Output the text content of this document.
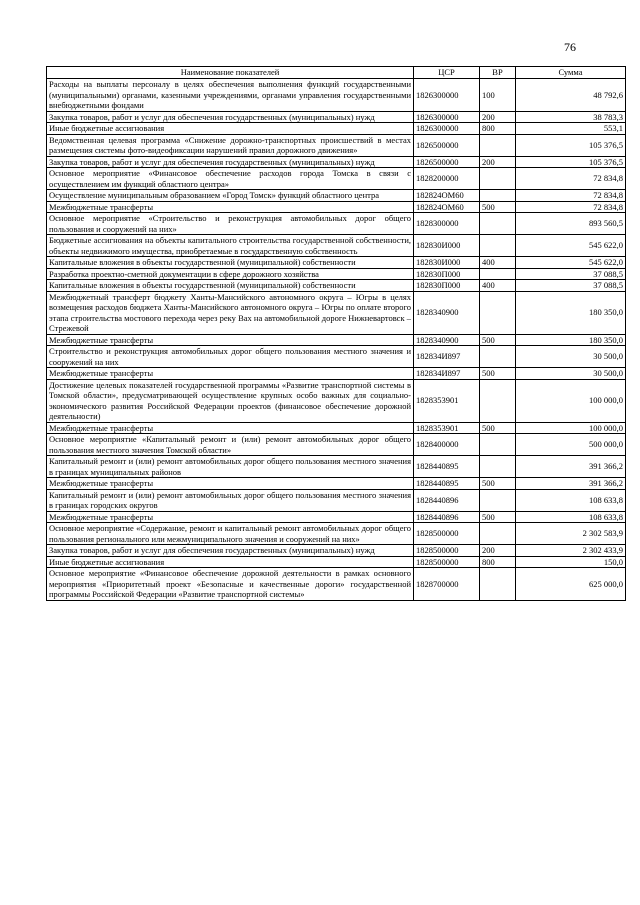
76
Наименование показателей	ЦСР	ВР	Сумма
Расходы на выплаты персоналу в целях обеспечения выполнения функций государственными (муниципальными) органами, казенными учреждениями, органами управления государственными внебюджетными фондами	1826300000	100	48 792,6
Закупка товаров, работ и услуг для обеспечения государственных (муниципальных) нужд	1826300000	200	38 783,3
Иные бюджетные ассигнования	1826300000	800	553,1
Ведомственная целевая программа «Снижение дорожно-транспортных происшествий в местах размещения системы фото-видеофиксации нарушений правил дорожного движения»	1826500000		105 376,5
Закупка товаров, работ и услуг для обеспечения государственных (муниципальных) нужд	1826500000	200	105 376,5
Основное мероприятие «Финансовое обеспечение расходов города Томска в связи с осуществлением им функций областного центра»	1828200000		72 834,8
Осуществление муниципальным образованием «Город Томск» функций областного центра	182824ОМ60		72 834,8
Межбюджетные трансферты	182824ОМ60	500	72 834,8
Основное мероприятие «Строительство и реконструкция автомобильных дорог общего пользования и сооружений на них»	1828300000		893 560,5
Бюджетные ассигнования на объекты капитального строительства государственной собственности, объекты недвижимого имущества, приобретаемые в государственную собственность	182830И000		545 622,0
Капитальные вложения в объекты государственной (муниципальной) собственности	182830И000	400	545 622,0
Разработка проектно-сметной документации в сфере дорожного хозяйства	182830П000		37 088,5
Капитальные вложения в объекты государственной (муниципальной) собственности	182830П000	400	37 088,5
Межбюджетный трансферт бюджету Ханты-Мансийского автономного округа – Югры в целях возмещения расходов бюджета Ханты-Мансийского автономного округа – Югры по оплате второго этапа строительства мостового перехода через реку Вах на автомобильной дороге Нижневартовск – Стрежевой	1828340900		180 350,0
Межбюджетные трансферты	1828340900	500	180 350,0
Строительство и реконструкция автомобильных дорог общего пользования местного значения и сооружений на них	182834И897		30 500,0
Межбюджетные трансферты	182834И897	500	30 500,0
Достижение целевых показателей государственной программы «Развитие транспортной системы в Томской области», предусматривающей осуществление крупных особо важных для социально-экономического развития Российской Федерации проектов (финансовое обеспечение дорожной деятельности)	1828353901		100 000,0
Межбюджетные трансферты	1828353901	500	100 000,0
Основное мероприятие «Капитальный ремонт и (или) ремонт автомобильных дорог общего пользования местного значения Томской области»	1828400000		500 000,0
Капитальный ремонт и (или) ремонт автомобильных дорог общего пользования местного значения в границах муниципальных районов	1828440895		391 366,2
Межбюджетные трансферты	1828440895	500	391 366,2
Капитальный ремонт и (или) ремонт автомобильных дорог общего пользования местного значения в границах городских округов	1828440896		108 633,8
Межбюджетные трансферты	1828440896	500	108 633,8
Основное мероприятие «Содержание, ремонт и капитальный ремонт автомобильных дорог общего пользования регионального или межмуниципального значения и сооружений на них»	1828500000		2 302 583,9
Закупка товаров, работ и услуг для обеспечения государственных (муниципальных) нужд	1828500000	200	2 302 433,9
Иные бюджетные ассигнования	1828500000	800	150,0
Основное мероприятие «Финансовое обеспечение дорожной деятельности в рамках основного мероприятия «Приоритетный проект «Безопасные и качественные дороги» государственной программы Российской Федерации «Развитие транспортной системы»	1828700000		625 000,0
